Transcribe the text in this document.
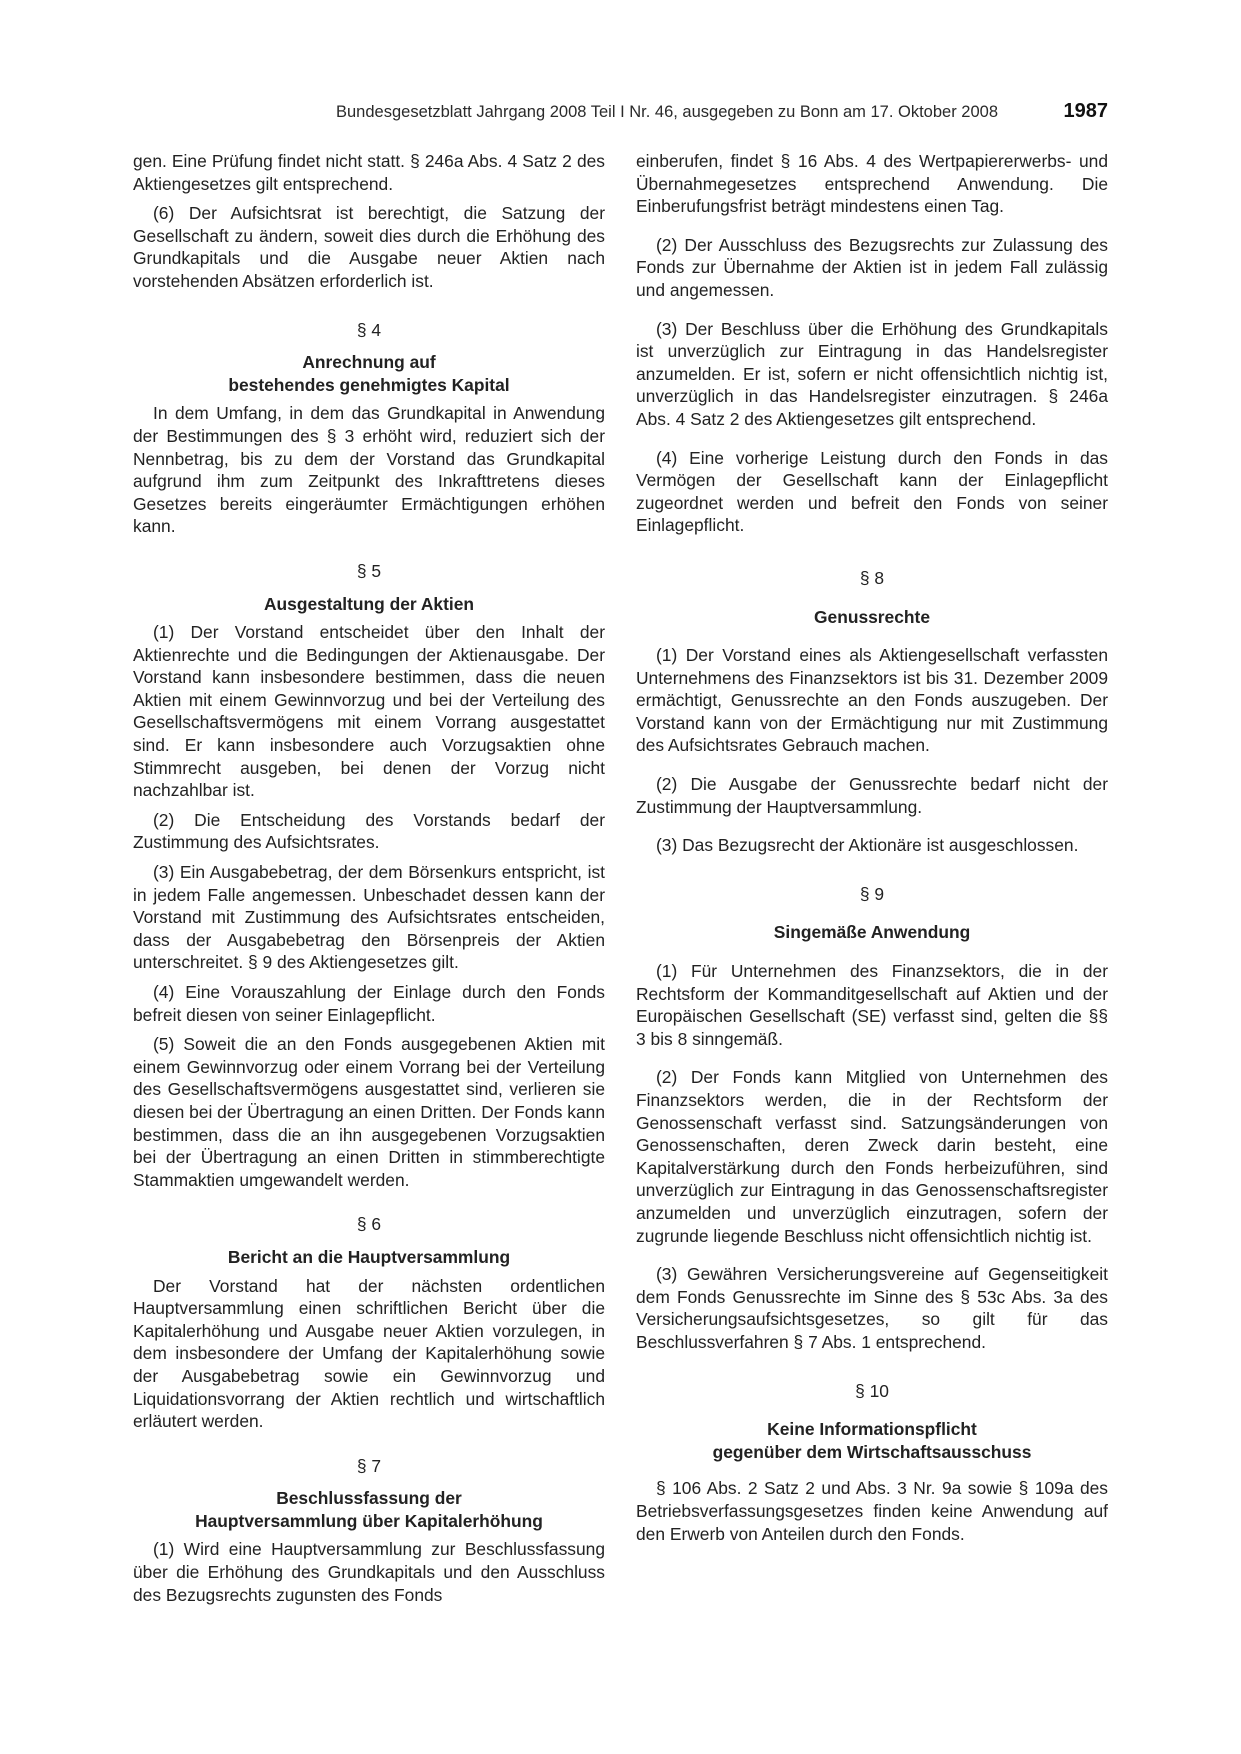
Bundesgesetzblatt Jahrgang 2008 Teil I Nr. 46, ausgegeben zu Bonn am 17. Oktober 2008	1987

gen. Eine Prüfung findet nicht statt. § 246a Abs. 4 Satz 2 des Aktiengesetzes gilt entsprechend.

(6) Der Aufsichtsrat ist berechtigt, die Satzung der Gesellschaft zu ändern, soweit dies durch die Erhöhung des Grundkapitals und die Ausgabe neuer Aktien nach vorstehenden Absätzen erforderlich ist.

§ 4
Anrechnung auf
bestehendes genehmigtes Kapital

In dem Umfang, in dem das Grundkapital in Anwendung der Bestimmungen des § 3 erhöht wird, reduziert sich der Nennbetrag, bis zu dem der Vorstand das Grundkapital aufgrund ihm zum Zeitpunkt des Inkrafttretens dieses Gesetzes bereits eingeräumter Ermächtigungen erhöhen kann.

§ 5
Ausgestaltung der Aktien

(1) Der Vorstand entscheidet über den Inhalt der Aktienrechte und die Bedingungen der Aktienausgabe. Der Vorstand kann insbesondere bestimmen, dass die neuen Aktien mit einem Gewinnvorzug und bei der Verteilung des Gesellschaftsvermögens mit einem Vorrang ausgestattet sind. Er kann insbesondere auch Vorzugsaktien ohne Stimmrecht ausgeben, bei denen der Vorzug nicht nachzahlbar ist.

(2) Die Entscheidung des Vorstands bedarf der Zustimmung des Aufsichtsrates.

(3) Ein Ausgabebetrag, der dem Börsenkurs entspricht, ist in jedem Falle angemessen. Unbeschadet dessen kann der Vorstand mit Zustimmung des Aufsichtsrates entscheiden, dass der Ausgabebetrag den Börsenpreis der Aktien unterschreitet. § 9 des Aktiengesetzes gilt.

(4) Eine Vorauszahlung der Einlage durch den Fonds befreit diesen von seiner Einlagepflicht.

(5) Soweit die an den Fonds ausgegebenen Aktien mit einem Gewinnvorzug oder einem Vorrang bei der Verteilung des Gesellschaftsvermögens ausgestattet sind, verlieren sie diesen bei der Übertragung an einen Dritten. Der Fonds kann bestimmen, dass die an ihn ausgegebenen Vorzugsaktien bei der Übertragung an einen Dritten in stimmberechtigte Stammaktien umgewandelt werden.

§ 6
Bericht an die Hauptversammlung

Der Vorstand hat der nächsten ordentlichen Hauptversammlung einen schriftlichen Bericht über die Kapitalerhöhung und Ausgabe neuer Aktien vorzulegen, in dem insbesondere der Umfang der Kapitalerhöhung sowie der Ausgabebetrag sowie ein Gewinnvorzug und Liquidationsvorrang der Aktien rechtlich und wirtschaftlich erläutert werden.

§ 7
Beschlussfassung der
Hauptversammlung über Kapitalerhöhung

(1) Wird eine Hauptversammlung zur Beschlussfassung über die Erhöhung des Grundkapitals und den Ausschluss des Bezugsrechts zugunsten des Fonds

einberufen, findet § 16 Abs. 4 des Wertpapiererwerbs- und Übernahmegesetzes entsprechend Anwendung. Die Einberufungsfrist beträgt mindestens einen Tag.

(2) Der Ausschluss des Bezugsrechts zur Zulassung des Fonds zur Übernahme der Aktien ist in jedem Fall zulässig und angemessen.

(3) Der Beschluss über die Erhöhung des Grundkapitals ist unverzüglich zur Eintragung in das Handelsregister anzumelden. Er ist, sofern er nicht offensichtlich nichtig ist, unverzüglich in das Handelsregister einzutragen. § 246a Abs. 4 Satz 2 des Aktiengesetzes gilt entsprechend.

(4) Eine vorherige Leistung durch den Fonds in das Vermögen der Gesellschaft kann der Einlagepflicht zugeordnet werden und befreit den Fonds von seiner Einlagepflicht.

§ 8
Genussrechte

(1) Der Vorstand eines als Aktiengesellschaft verfassten Unternehmens des Finanzsektors ist bis 31. Dezember 2009 ermächtigt, Genussrechte an den Fonds auszugeben. Der Vorstand kann von der Ermächtigung nur mit Zustimmung des Aufsichtsrates Gebrauch machen.

(2) Die Ausgabe der Genussrechte bedarf nicht der Zustimmung der Hauptversammlung.

(3) Das Bezugsrecht der Aktionäre ist ausgeschlossen.

§ 9
Singemäße Anwendung

(1) Für Unternehmen des Finanzsektors, die in der Rechtsform der Kommanditgesellschaft auf Aktien und der Europäischen Gesellschaft (SE) verfasst sind, gelten die §§ 3 bis 8 sinngemäß.

(2) Der Fonds kann Mitglied von Unternehmen des Finanzsektors werden, die in der Rechtsform der Genossenschaft verfasst sind. Satzungsänderungen von Genossenschaften, deren Zweck darin besteht, eine Kapitalverstärkung durch den Fonds herbeizuführen, sind unverzüglich zur Eintragung in das Genossenschaftsregister anzumelden und unverzüglich einzutragen, sofern der zugrunde liegende Beschluss nicht offensichtlich nichtig ist.

(3) Gewähren Versicherungsvereine auf Gegenseitigkeit dem Fonds Genussrechte im Sinne des § 53c Abs. 3a des Versicherungsaufsichtsgesetzes, so gilt für das Beschlussverfahren § 7 Abs. 1 entsprechend.

§ 10
Keine Informationspflicht
gegenüber dem Wirtschaftsausschuss

§ 106 Abs. 2 Satz 2 und Abs. 3 Nr. 9a sowie § 109a des Betriebsverfassungsgesetzes finden keine Anwendung auf den Erwerb von Anteilen durch den Fonds.
